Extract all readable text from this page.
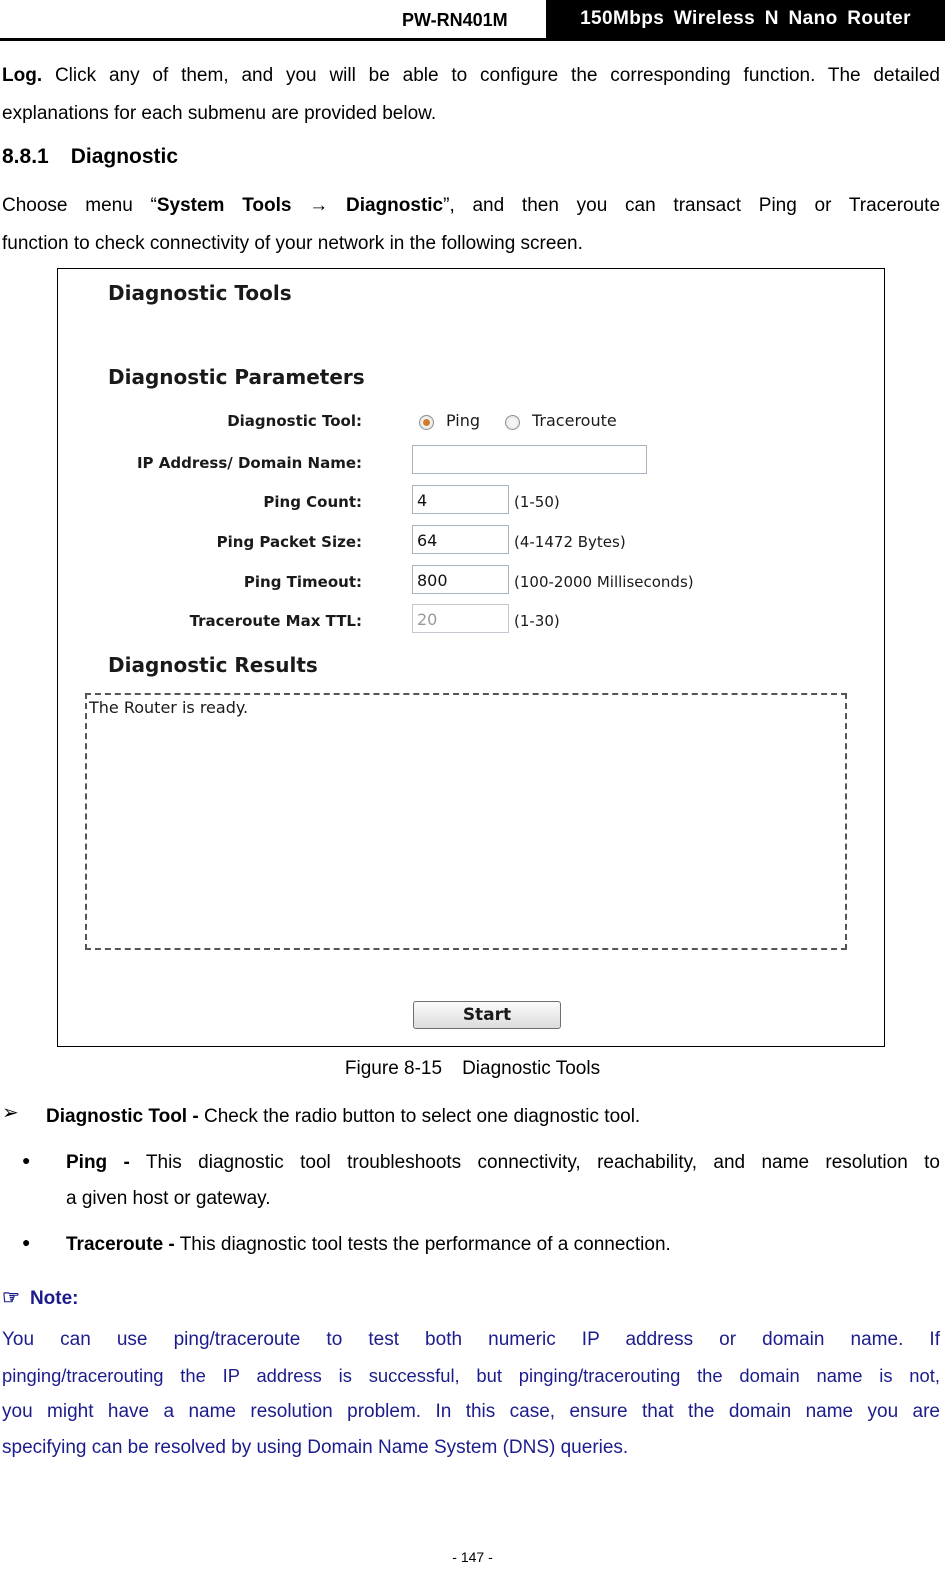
PW-RN401M	150Mbps Wireless N Nano Router
Log. Click any of them, and you will be able to configure the corresponding function. The detailed
explanations for each submenu are provided below.
8.8.1 Diagnostic
Choose menu “System Tools → Diagnostic”, and then you can transact Ping or Traceroute
function to check connectivity of your network in the following screen.
Diagnostic Tools
Diagnostic Parameters
Diagnostic Tool:	Ping	Traceroute
IP Address/ Domain Name:
Ping Count:	4	(1-50)
Ping Packet Size:	64	(4-1472 Bytes)
Ping Timeout:	800	(100-2000 Milliseconds)
Traceroute Max TTL:	20	(1-30)
Diagnostic Results
The Router is ready.
Start
Figure 8-15 Diagnostic Tools
➢ Diagnostic Tool - Check the radio button to select one diagnostic tool.
● Ping - This diagnostic tool troubleshoots connectivity, reachability, and name resolution to
a given host or gateway.
● Traceroute - This diagnostic tool tests the performance of a connection.
☞ Note:
You can use ping/traceroute to test both numeric IP address or domain name. If
pinging/tracerouting the IP address is successful, but pinging/tracerouting the domain name is not,
you might have a name resolution problem. In this case, ensure that the domain name you are
specifying can be resolved by using Domain Name System (DNS) queries.
- 147 -
